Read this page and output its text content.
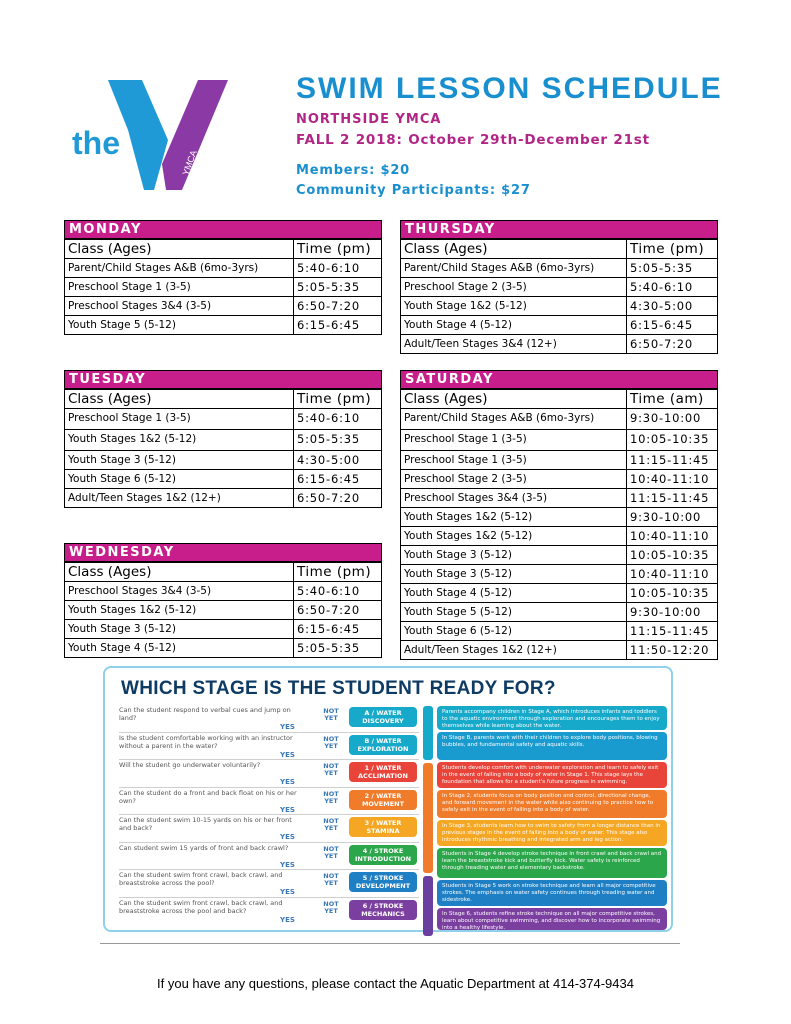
the
YMCA
SWIM LESSON SCHEDULE
NORTHSIDE YMCA
FALL 2 2018: October 29th-December 21st
Members: $20
Community Participants: $27
MONDAY
Class (Ages)	Time (pm)
Parent/Child Stages A&B (6mo-3yrs)	5:40-6:10
Preschool Stage 1 (3-5)	5:05-5:35
Preschool Stages 3&4 (3-5)	6:50-7:20
Youth Stage 5 (5-12)	6:15-6:45
TUESDAY
Class (Ages)	Time (pm)
Preschool Stage 1 (3-5)	5:40-6:10
Youth Stages 1&2 (5-12)	5:05-5:35
Youth Stage 3 (5-12)	4:30-5:00
Youth Stage 6 (5-12)	6:15-6:45
Adult/Teen Stages 1&2 (12+)	6:50-7:20
WEDNESDAY
Class (Ages)	Time (pm)
Preschool Stages 3&4 (3-5)	5:40-6:10
Youth Stages 1&2 (5-12)	6:50-7:20
Youth Stage 3 (5-12)	6:15-6:45
Youth Stage 4 (5-12)	5:05-5:35
THURSDAY
Class (Ages)	Time (pm)
Parent/Child Stages A&B (6mo-3yrs)	5:05-5:35
Preschool Stage 2 (3-5)	5:40-6:10
Youth Stage 1&2 (5-12)	4:30-5:00
Youth Stage 4 (5-12)	6:15-6:45
Adult/Teen Stages 3&4 (12+)	6:50-7:20
SATURDAY
Class (Ages)	Time (am)
Parent/Child Stages A&B (6mo-3yrs)	9:30-10:00
Preschool Stage 1 (3-5)	10:05-10:35
Preschool Stage 1 (3-5)	11:15-11:45
Preschool Stage 2 (3-5)	10:40-11:10
Preschool Stages 3&4 (3-5)	11:15-11:45
Youth Stages 1&2 (5-12)	9:30-10:00
Youth Stages 1&2 (5-12)	10:40-11:10
Youth Stage 3 (5-12)	10:05-10:35
Youth Stage 3 (5-12)	10:40-11:10
Youth Stage 4 (5-12)	10:05-10:35
Youth Stage 5 (5-12)	9:30-10:00
Youth Stage 6 (5-12)	11:15-11:45
Adult/Teen Stages 1&2 (12+)	11:50-12:20
WHICH STAGE IS THE STUDENT READY FOR?
Can the student respond to verbal cues and jump on land?
YES
NOT YET
A / WATER DISCOVERY
Is the student comfortable working with an instructor without a parent in the water?
YES
NOT YET
B / WATER EXPLORATION
Will the student go underwater voluntarily?
YES
NOT YET
1 / WATER ACCLIMATION
Can the student do a front and back float on his or her own?
YES
NOT YET
2 / WATER MOVEMENT
Can the student swim 10-15 yards on his or her front and back?
YES
NOT YET
3 / WATER STAMINA
Can student swim 15 yards of front and back crawl?
YES
NOT YET
4 / STROKE INTRODUCTION
Can the student swim front crawl, back crawl, and breaststroke across the pool?
YES
NOT YET
5 / STROKE DEVELOPMENT
Can the student swim front crawl, back crawl, and breaststroke across the pool and back?
YES
NOT YET
6 / STROKE MECHANICS
Parents accompany children in Stage A, which introduces infants and toddlers to the aquatic environment through exploration and encourages them to enjoy themselves while learning about the water.
In Stage B, parents work with their children to explore body positions, blowing bubbles, and fundamental safety and aquatic skills.
Students develop comfort with underwater exploration and learn to safely exit in the event of falling into a body of water in Stage 1. This stage lays the foundation that allows for a student's future progress in swimming.
In Stage 2, students focus on body position and control, directional change, and forward movement in the water while also continuing to practice how to safely exit in the event of falling into a body of water.
In Stage 3, students learn how to swim to safety from a longer distance than in previous stages in the event of falling into a body of water. This stage also introduces rhythmic breathing and integrated arm and leg action.
Students in Stage 4 develop stroke technique in front crawl and back crawl and learn the breaststroke kick and butterfly kick. Water safety is reinforced through treading water and elementary backstroke.
Students in Stage 5 work on stroke technique and learn all major competitive strokes. The emphasis on water safety continues through treading water and sidestroke.
In Stage 6, students refine stroke technique on all major competitive strokes, learn about competitive swimming, and discover how to incorporate swimming into a healthy lifestyle.
If you have any questions, please contact the Aquatic Department at 414-374-9434
